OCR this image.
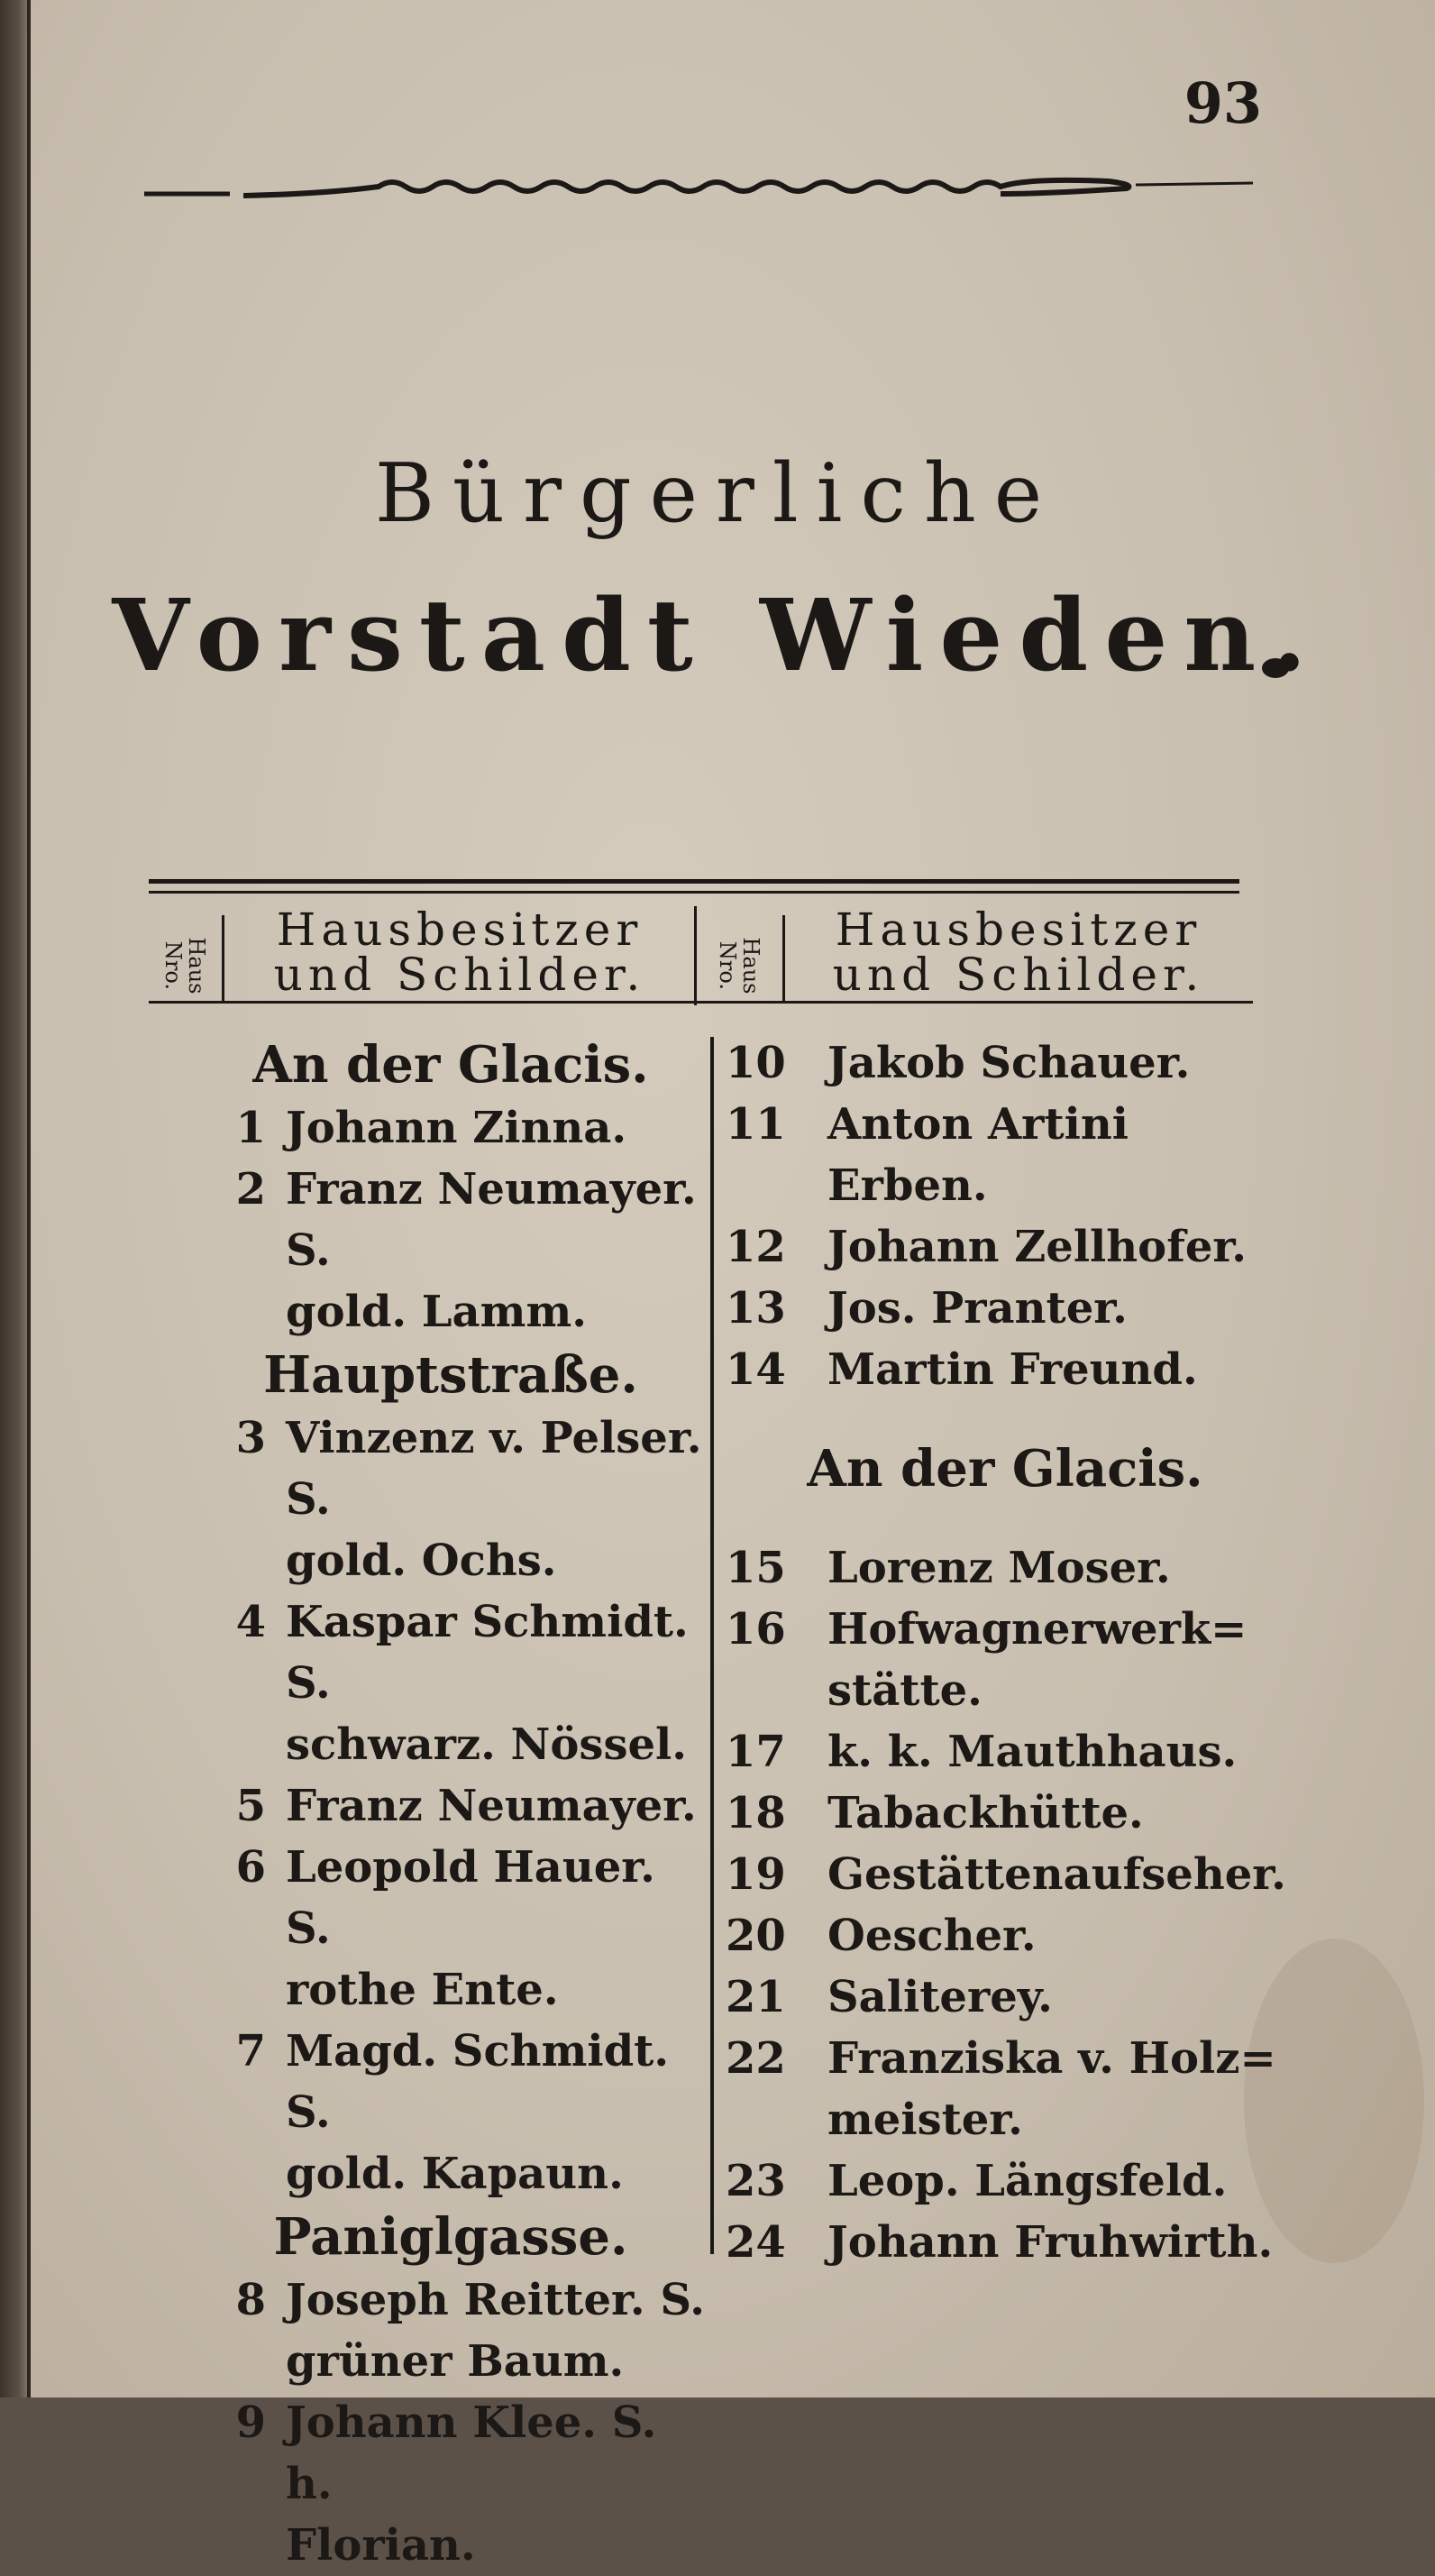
93
Bürgerliche
Vorstadt Wieden.
Haus Nro.
Hausbesitzer
und Schilder.	Haus Nro.
Hausbesitzer
und Schilder.
An der Glacis.
1 Johann Zinna.
2 Franz Neumayer. S.
gold. Lamm.
Hauptstraße.
3 Vinzenz v. Pelser. S.
gold. Ochs.
4 Kaspar Schmidt. S.
schwarz. Nössel.
5 Franz Neumayer.
6 Leopold Hauer. S.
rothe Ente.
7 Magd. Schmidt. S.
gold. Kapaun.
Paniglgasse.
8 Joseph Reitter. S.
grüner Baum.
9 Johann Klee. S. h.
Florian.
10 Jakob Schauer.
11 Anton Artini Erben.
12 Johann Zellhofer.
13 Jos. Pranter.
14 Martin Freund.
An der Glacis.
15 Lorenz Moser.
16 Hofwagnerwerk=
stätte.
17 k. k. Mauthhaus.
18 Tabackhütte.
19 Gestättenaufseher.
20 Oescher.
21 Saliterey.
22 Franziska v. Holz=
meister.
23 Leop. Längsfeld.
24 Johann Fruhwirth.
